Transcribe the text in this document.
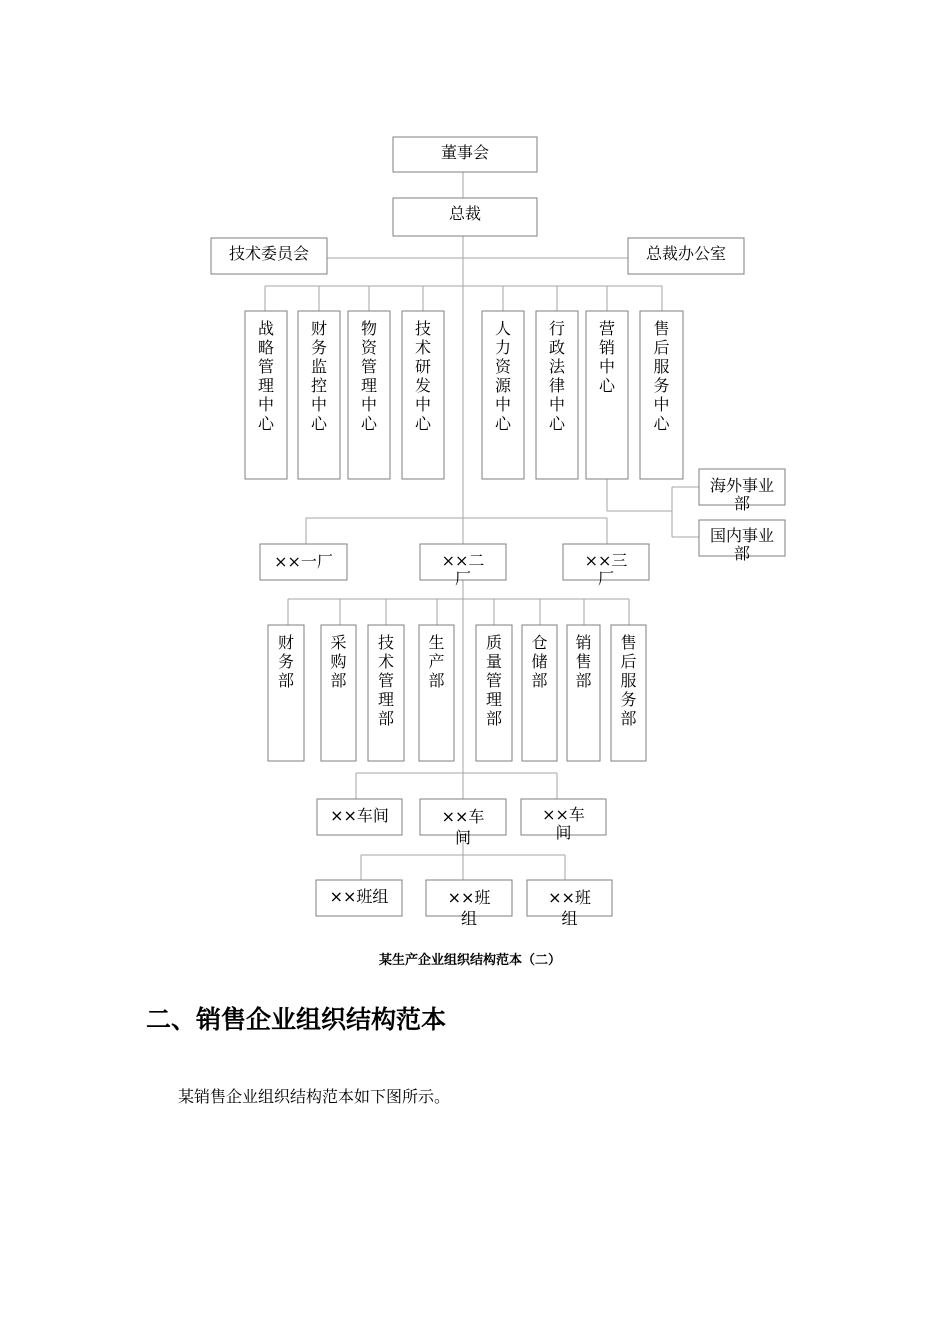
董事会
总裁
技术委员会	总裁办公室
战略管理中心
财务监控中心
物资管理中心
技术研发中心
人力资源中心
行政法律中心
营销中心
售后服务中心
海外事业部
国内事业部
××一厂	××二厂
××三厂
财务部
采购部
技术管理部
生产部
质量管理部
仓储部
销售部
售后服务部
××车间	××车间
××车间
××班组	××班组
××班组
某生产企业组织结构范本（二）
二、销售企业组织结构范本

某销售企业组织结构范本如下图所示。
